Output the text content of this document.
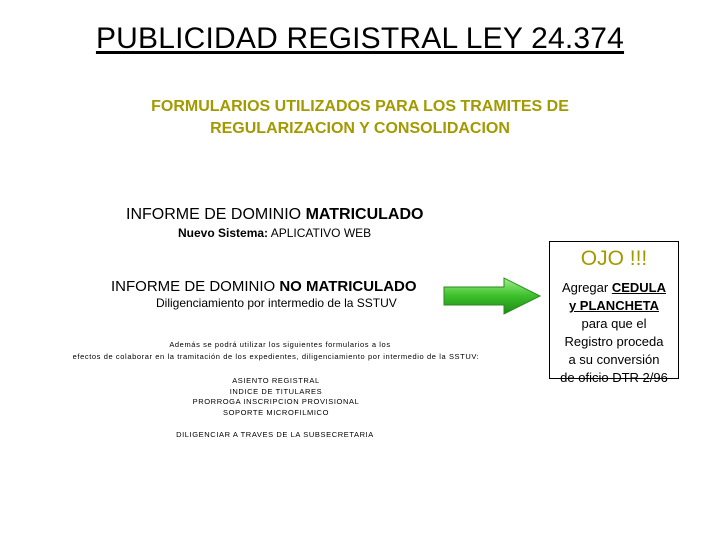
PUBLICIDAD REGISTRAL LEY 24.374
FORMULARIOS UTILIZADOS PARA LOS TRAMITES DE
REGULARIZACION Y CONSOLIDACION
INFORME DE DOMINIO MATRICULADO
Nuevo Sistema: APLICATIVO WEB
INFORME DE DOMINIO NO MATRICULADO
Diligenciamiento por intermedio de la SSTUV
Además se podrá utilizar los siguientes formularios a los
efectos de colaborar en la tramitación de los expedientes, diligenciamiento por intermedio de la SSTUV:
ASIENTO REGISTRAL
INDICE DE TITULARES
PRORROGA INSCRIPCION PROVISIONAL
SOPORTE MICROFILMICO
DILIGENCIAR A TRAVES DE LA SUBSECRETARIA
OJO !!!
Agregar CEDULA
y PLANCHETA
para que el
Registro proceda
a su conversión
de oficio DTR 2/96
